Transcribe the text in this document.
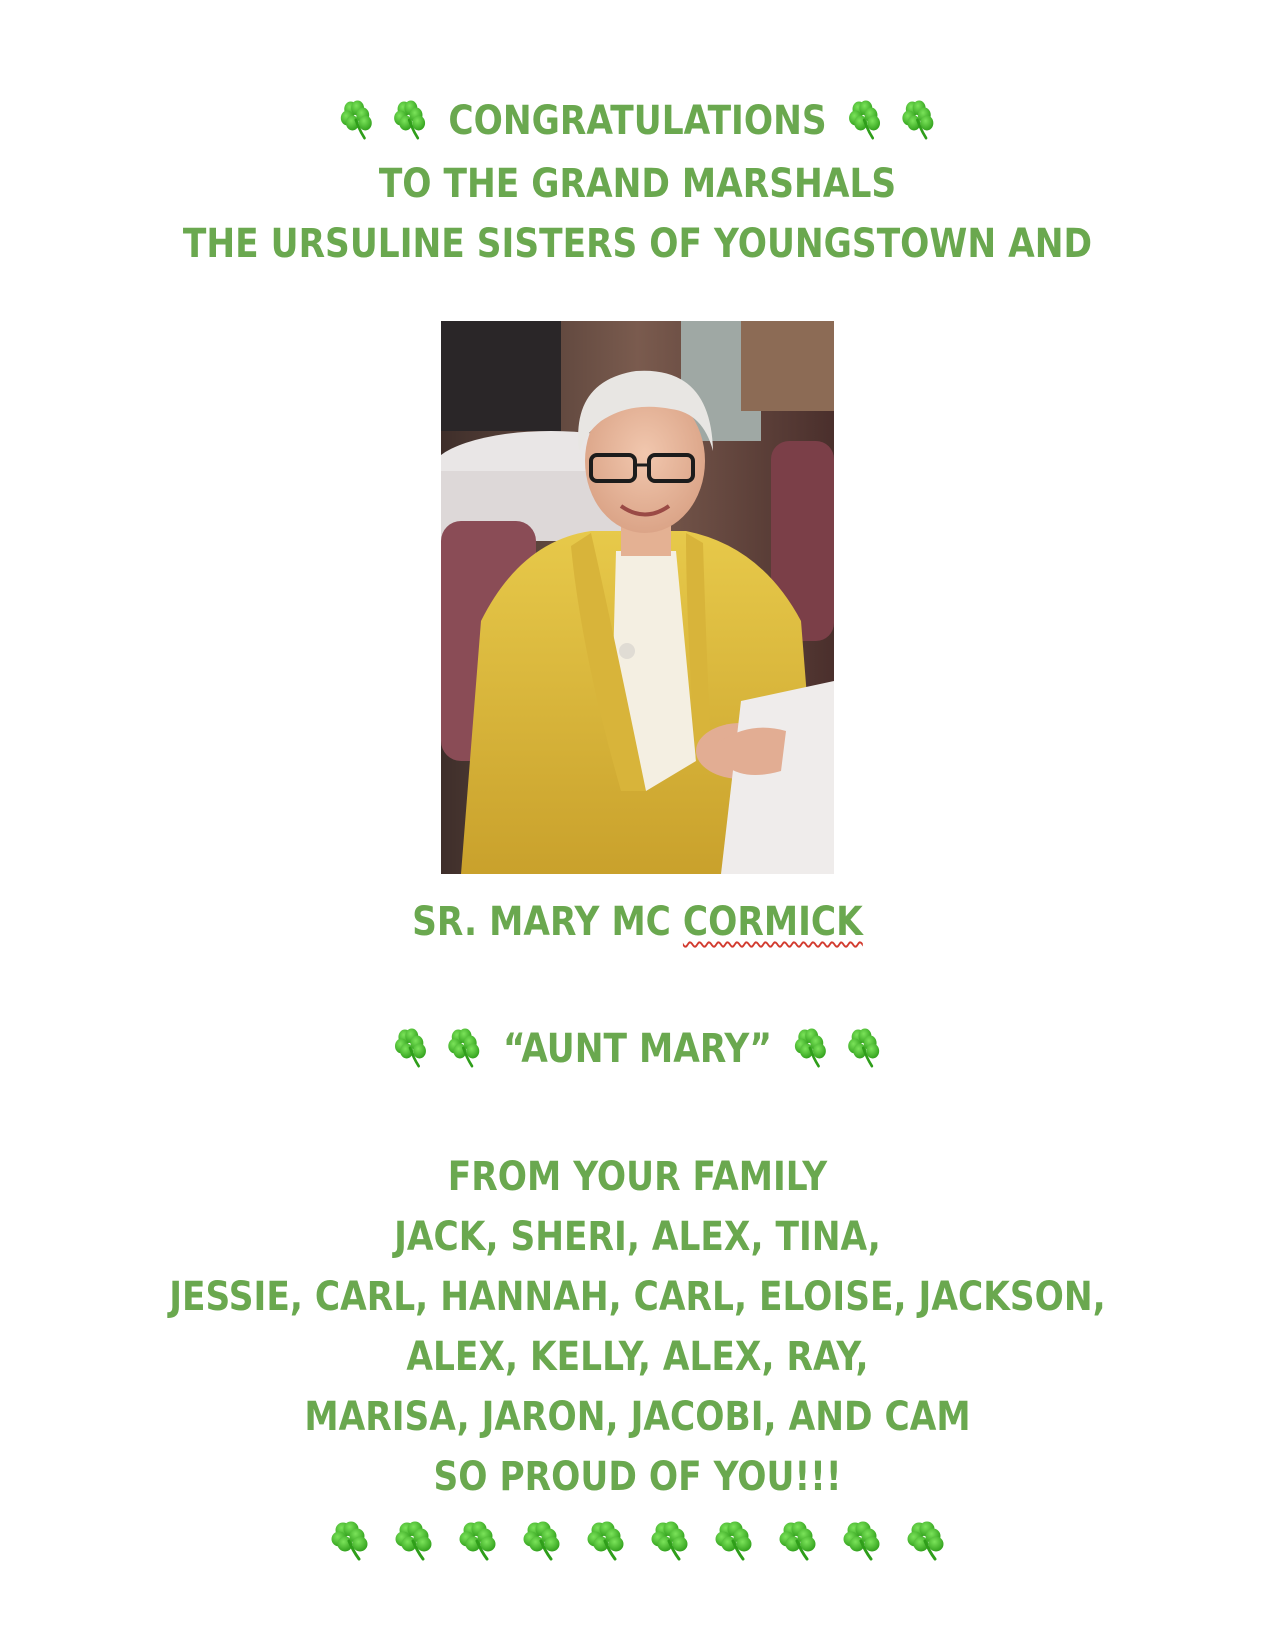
CONGRATULATIONS
TO THE GRAND MARSHALS
THE URSULINE SISTERS OF YOUNGSTOWN AND
SR. MARY MC CORMICK
“AUNT MARY”
FROM YOUR FAMILY
JACK, SHERI, ALEX, TINA,
JESSIE, CARL, HANNAH, CARL, ELOISE, JACKSON,
ALEX, KELLY, ALEX, RAY,
MARISA, JARON, JACOBI, AND CAM
SO PROUD OF YOU!!!
